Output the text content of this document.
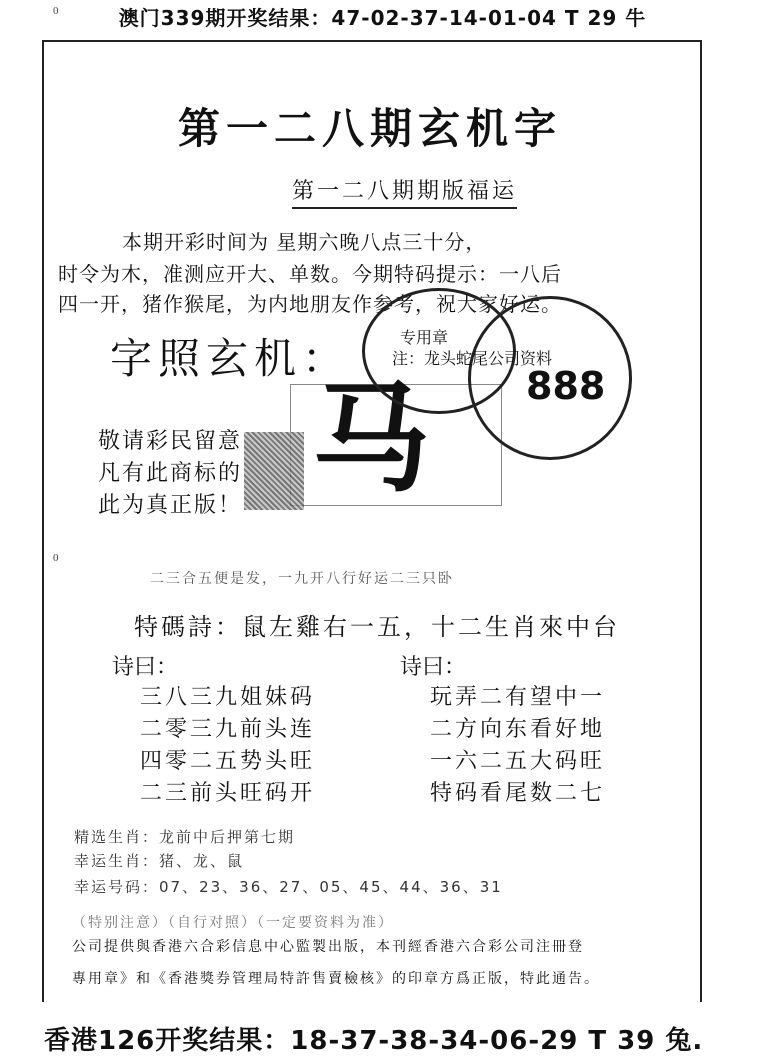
0	澳门339期开奖结果：47-02-37-14-01-04 T 29 牛
第一二八期玄机字
第一二八期期版福运
本期开彩时间为 星期六晚八点三十分，
时令为木，准测应开大、单数。今期特码提示：一八后
四一开，猪作猴尾，为内地朋友作参考，祝大家好运。
字照玄机：
马
敬请彩民留意
凡有此商标的
此为真正版！
专用章
注：龙头蛇尾公司资料
888
0
二三合五便是发，一九开八行好运二三只卧
特碼詩：鼠左雞右一五，十二生肖來中台
诗曰：	诗曰：
三八三九姐妹码
二零三九前头连
四零二五势头旺
二三前头旺码开
玩弄二有望中一
二方向东看好地
一六二五大码旺
特码看尾数二七
精选生肖：龙前中后押第七期
幸运生肖：猪、龙、鼠
幸运号码：07、23、36、27、05、45、44、36、31
（特别注意）（自行对照）（一定要资料为准）
公司提供與香港六合彩信息中心監製出版，本刊經香港六合彩公司注冊登
專用章》和《香港獎券管理局特許售賣檢核》的印章方爲正版，特此通告。
香港126开奖结果：18-37-38-34-06-29 T 39 兔.
